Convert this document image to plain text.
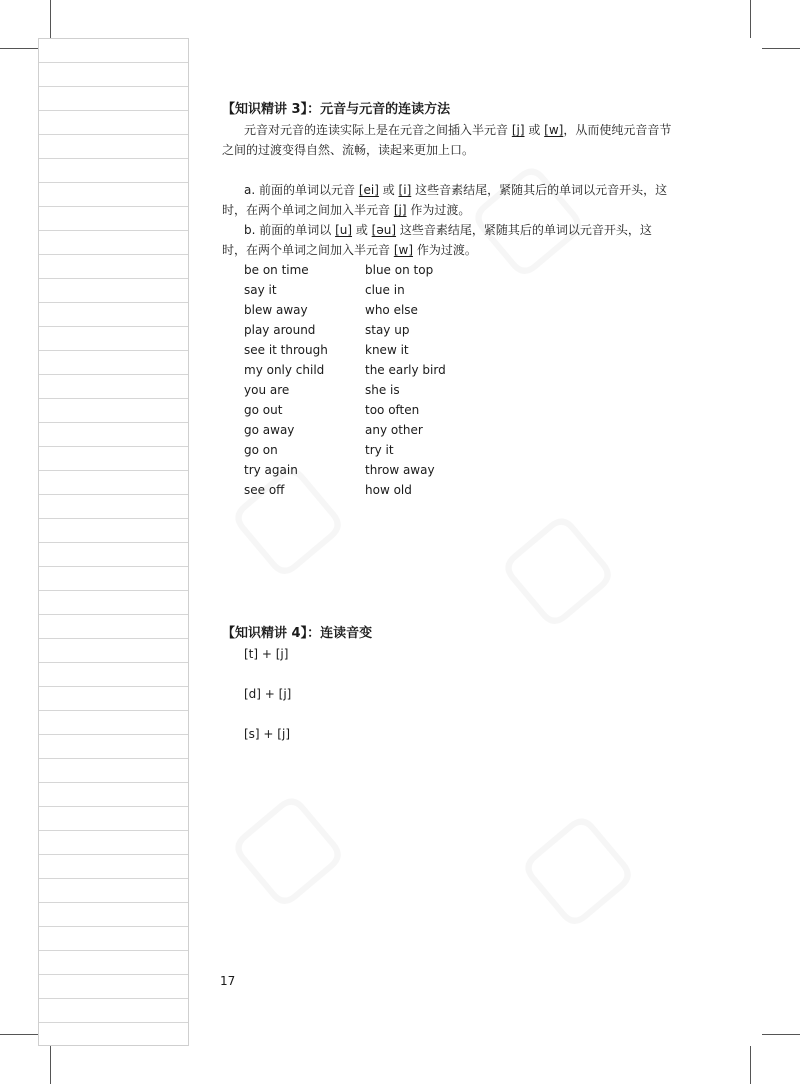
【知识精讲 3】：元音与元音的连读方法

元音对元音的连读实际上是在元音之间插入半元音 [j] 或 [w]，从而使纯元音音节之间的过渡变得自然、流畅，读起来更加上口。

a. 前面的单词以元音 [ei] 或 [i] 这些音素结尾，紧随其后的单词以元音开头，这时，在两个单词之间加入半元音 [j] 作为过渡。

b. 前面的单词以 [u] 或 [əu] 这些音素结尾，紧随其后的单词以元音开头，这时，在两个单词之间加入半元音 [w] 作为过渡。

be on time	blue on top
say it	clue in
blew away	who else
play around	stay up
see it through	knew it
my only child	the early bird
you are	she is
go out	too often
go away	any other
go on	try it
try again	throw away
see off	how old

【知识精讲 4】：连读音变

[t] + [j]
[d] + [j]
[s] + [j]
17
